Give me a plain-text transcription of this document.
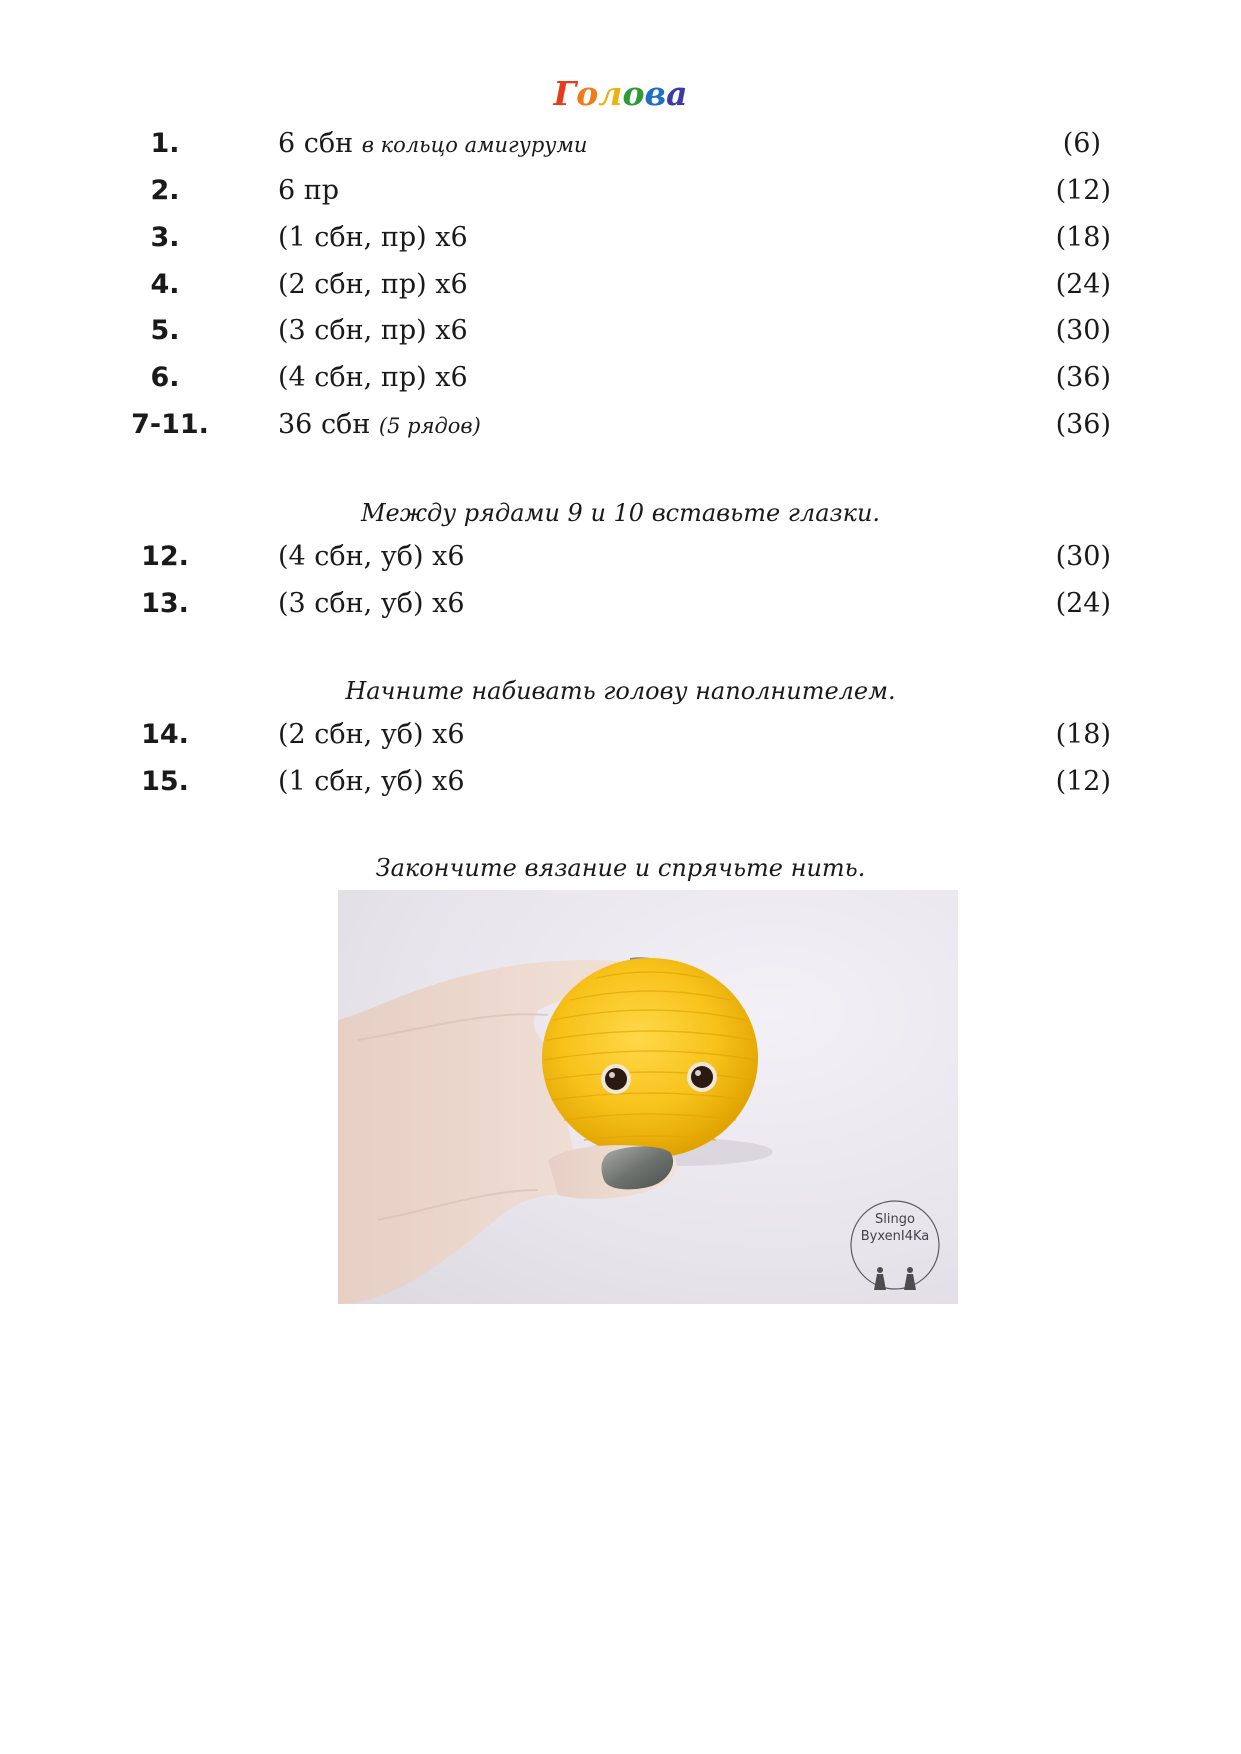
Голова
1.	6 сбн в кольцо амигуруми	(6)
2.	6 пр	(12)
3.	(1 сбн, пр) х6	(18)
4.	(2 сбн, пр) х6	(24)
5.	(3 сбн, пр) х6	(30)
6.	(4 сбн, пр) х6	(36)
7-11.	36 сбн (5 рядов)	(36)
Между рядами 9 и 10 вставьте глазки.
12.	(4 сбн, уб) х6	(30)
13.	(3 сбн, уб) х6	(24)
Начните набивать голову наполнителем.
14.	(2 сбн, уб) х6	(18)
15.	(1 сбн, уб) х6	(12)
Закончите вязание и спрячьте нить.
Slingo
ByxenI4Ka
